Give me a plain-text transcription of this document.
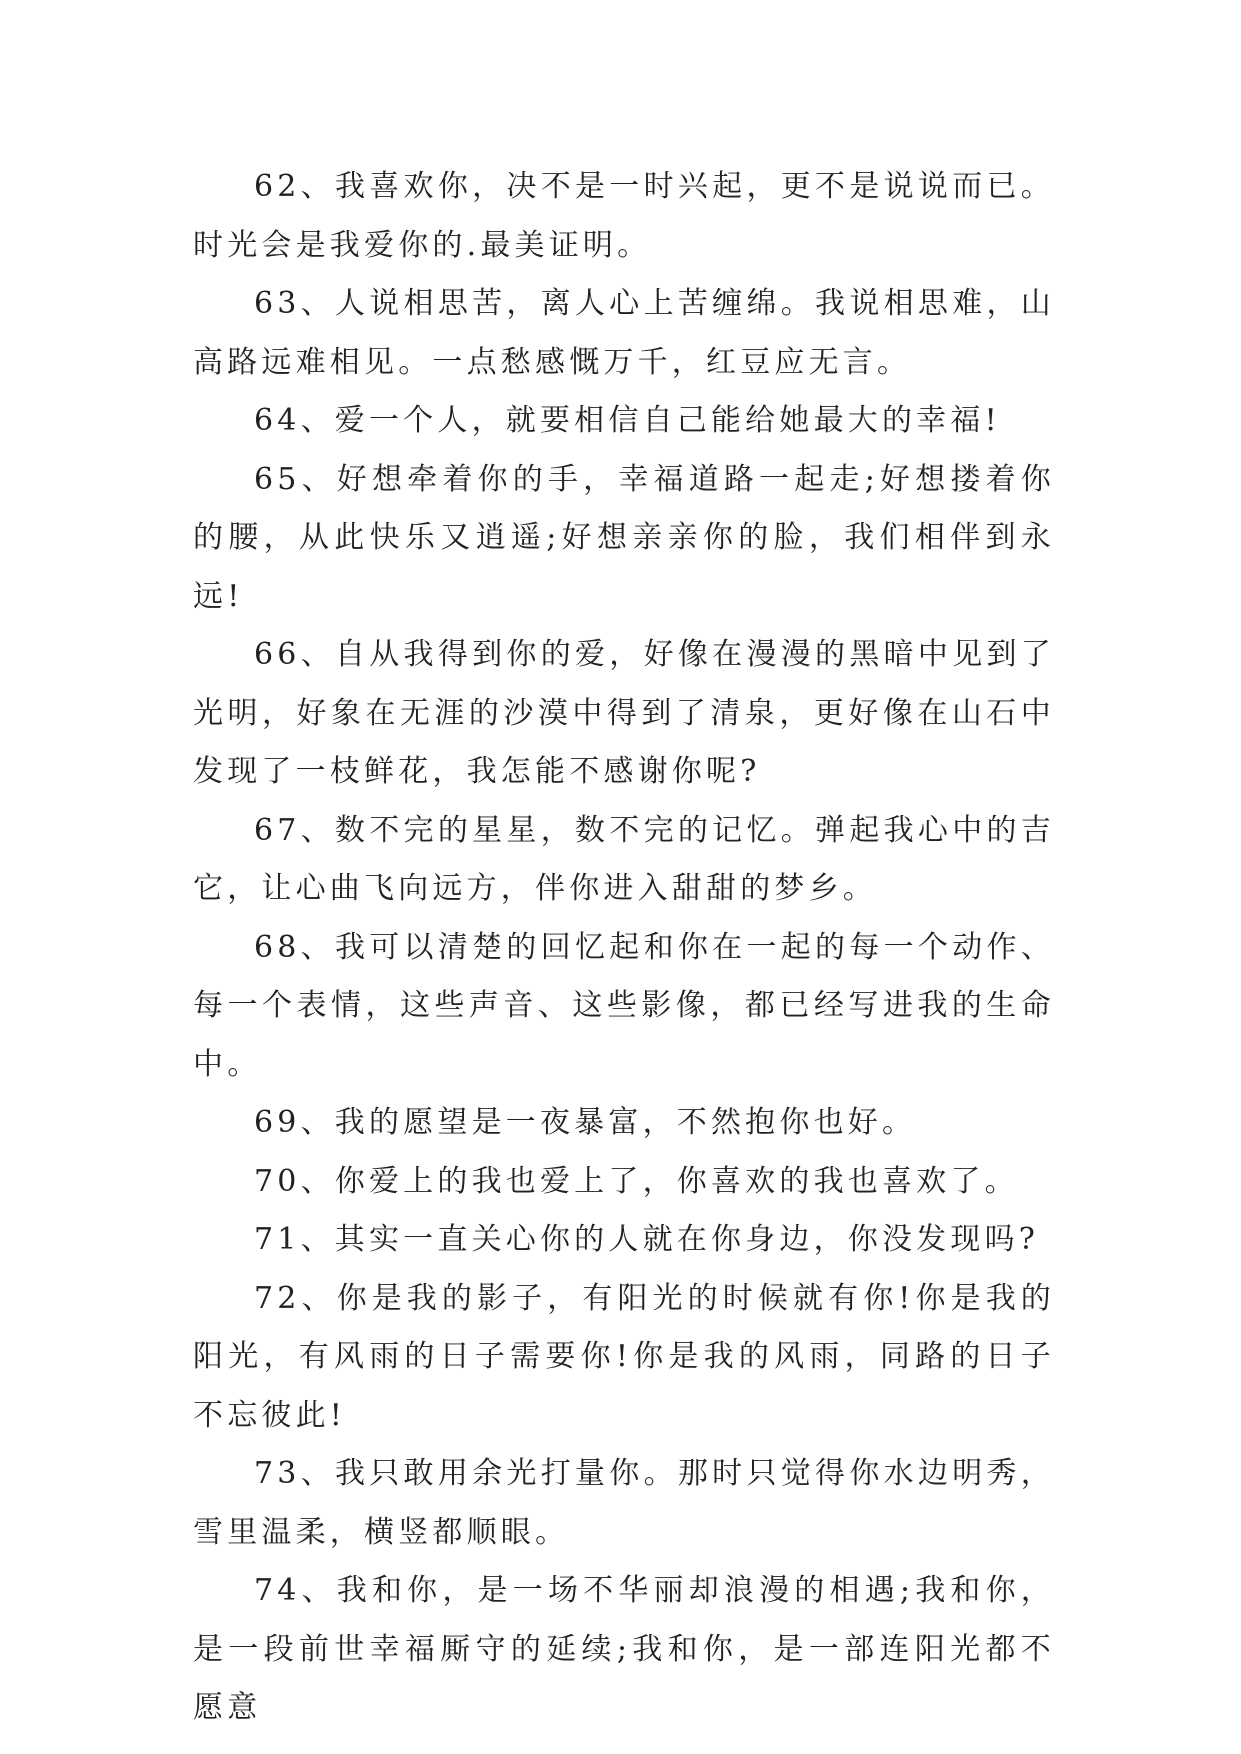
62、我喜欢你，决不是一时兴起，更不是说说而已。时光会是我爱你的.最美证明。

63、人说相思苦，离人心上苦缠绵。我说相思难，山高路远难相见。一点愁感慨万千，红豆应无言。

64、爱一个人，就要相信自己能给她最大的幸福!

65、好想牵着你的手，幸福道路一起走;好想搂着你的腰，从此快乐又逍遥;好想亲亲你的脸，我们相伴到永远!

66、自从我得到你的爱，好像在漫漫的黑暗中见到了光明，好象在无涯的沙漠中得到了清泉，更好像在山石中发现了一枝鲜花，我怎能不感谢你呢?

67、数不完的星星，数不完的记忆。弹起我心中的吉它，让心曲飞向远方，伴你进入甜甜的梦乡。

68、我可以清楚的回忆起和你在一起的每一个动作、每一个表情，这些声音、这些影像，都已经写进我的生命中。

69、我的愿望是一夜暴富，不然抱你也好。

70、你爱上的我也爱上了，你喜欢的我也喜欢了。

71、其实一直关心你的人就在你身边，你没发现吗?

72、你是我的影子，有阳光的时候就有你!你是我的阳光，有风雨的日子需要你!你是我的风雨，同路的日子不忘彼此!

73、我只敢用余光打量你。那时只觉得你水边明秀，雪里温柔，横竖都顺眼。

74、我和你，是一场不华丽却浪漫的相遇;我和你，是一段前世幸福厮守的延续;我和你，是一部连阳光都不愿意
